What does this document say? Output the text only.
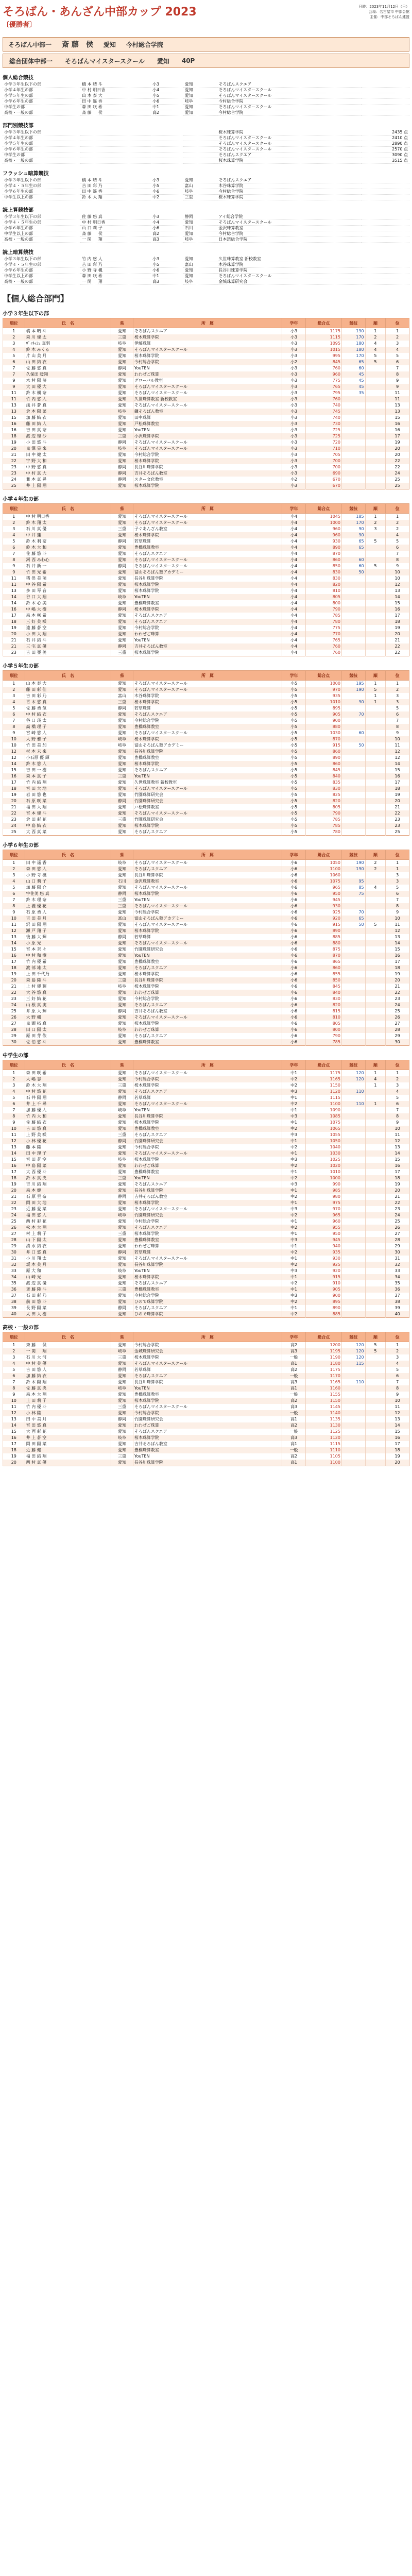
そろばん・あんざん中部カップ 2023
〔優勝者〕
日時：2023年11月12日（日）
会場：名古屋市 中部会館
主催：中部そろばん連盟
そろばん中部一	斎 藤　侯	愛知	今村総合学院
総合団体中部一	そろばんマイスタースクール	愛知	40P
個人総合競技
小学３年生以下の部	橋 本 晴 斗	小3	愛知	そろばんスクエア	
小学４年生の部	中 村 明日香	小4	愛知	そろばんマイスタースクール	
小学５年生の部	山 本 泰 大	小5	愛知	そろばんマイスタースクール	
小学６年生の部	田 中 遥 香	小6	岐阜	今村総合学院	
中学生の部	森 田 咲 希	中1	愛知	そろばんマイスタースクール	
高校・一般の部	斎 藤 　 侯	高2	愛知	今村総合学院	
部門別競技部
小学３年生以下の部				桜木珠算学院	2435 点
小学４年生の部				そろばんマイスタースクール	2410 点
小学５年生の部				そろばんマイスタースクール	2890 点
小学６年生の部				そろばんマイスタースクール	2570 点
中学生の部				そろばんスクエア	3090 点
高校・一般の部				桜木珠算学院	3515 点
フラッシュ暗算競技
小学３年生以下の部	橋 本 晴 斗	小3	愛知	そろばんスクエア	
小学４・５年生の部	吉 田 彩 乃	小5	富山	木谷珠算学院	
小学６年生の部	田 中 遥 香	小6	岐阜	今村総合学院	
中学生以上の部	鈴 木 大 翔	中2	三重	桜木珠算学院	
読上算競技部
小学３年生以下の部	佐 藤 悠 真	小3	静岡	アイ総合学院	
小学４・５年生の部	中 村 明日香	小4	愛知	そろばんマイスタースクール	
小学６年生の部	山 口 莉 子	小6	石川	金沢珠算教室	
中学生以上の部	斎 藤 　 侯	高2	愛知	今村総合学院	
高校・一般の部	一 関 　 翔	高3	岐阜	日本語総合学院	
読上暗算競技
小学３年生以下の部	竹 内 悠 人	小3	愛知	久世珠算教室 新校教室	
小学４・５年生の部	吉 田 彩 乃	小5	富山	木谷珠算学院	
小学６年生の部	小 野 寺 楓	小6	愛知	長谷川珠算学院	
中学生以上の部	森 田 咲 希	中1	愛知	そろばんマイスタースクール	
高校・一般の部	一 関 　 翔	高3	岐阜	金城珠算研究会	
【個人総合部門】
小学３年生以下の部
順位	氏　名	県	所　属	学年	総合点	競技	順	位
1	橋 本 晴 斗	愛知	そろばんスクエア	小3	1175	190	1	1
2	森 川 優 太	三重	桜木珠算学院	小3	1115	170	2	2
3	ｳﾞｨﾈｯｼｭ 真羽	岐阜	伊藤珠算	小3	1095	180	4	3
4	鈴 木 みくる	愛知	そろばんマイスタースクール	小3	1015	180	4	4
5	片 山 美 月	愛知	桜木珠算学院	小3	995	170	5	5
6	山 田 結 衣	愛知	今村総合学院	小2	845	65	5	6
7	佐 藤 悠 真	静岡	YouTEN	小3	760	60		7
7	久保田 暖翔	愛知	わわぜご珠算	小3	960	45		8
9	木 村 陽 葵	愛知	グローバル教室	小3	775	45		9
9	大 田 優 大	愛知	そろばんマイスタースクール	小3	765	45		9
11	鈴 木 楓 奈	愛知	そろばんマイスタースクール	小3	795	35		11
11	竹 内 悠 人	愛知	久世珠算教室 新校教室	小3	760			11
13	浅 井 蒼 真	愛知	そろばんマイスタースクール	小3	740			13
13	倉 本 陽 菜	岐阜	鎌そろばん教室	小3	745			13
15	加 藤 結 衣	愛知	田中珠算	小3	740			15
16	藤 田 結 人	愛知	戸松珠算教室	小3	730			16
16	吉 田 真 奈	愛知	YouTEN	小3	725			16
18	渡 辺 理 沙	三重	小沢珠算学院	小3	725			17
19	小 田 悠 斗	静岡	そろばんマイスタースクール	小3	720			19
20	鬼 澤 星 來	岐阜	そろばんマイスタースクール	小3	710			20
21	田 中 健 太	愛知	今村総合学院	小3	705			20
22	宇 野 大 和	愛知	桜木珠算学院	小3	700			22
23	中 野 悠 真	静岡	長谷川珠算学院	小3	700			22
23	中 村 真 大	静岡	吉井そろばん教室	小3	690			24
24	兼 本 真 尋	静岡	スター文化教室	小2	670			25
25	井 上 陽 翔	愛知	桜木珠算学院	小3	670			25
小学４年生の部
順位	氏　名	県	所　属	学年	総合点	競技	順	位
1	中 村 明日香	愛知	そろばんマイスタースクール	小4	1045	185	1	1
2	鈴 木 翔 太	愛知	そろばんマイスタースクール	小4	1000	170	2	2
3	石 川 真 優	三重	子ぐあんざん教室	小4	960	90	3	2
4	中 井 蓮	愛知	桜木珠算学院	小4	960	90		4
5	鈴 木 利 奈	静岡	若草珠算	小4	930	65	5	5
6	鈴 木 大 和	愛知	豊橋珠算教室	小4	890	65		6
7	佐 藤 悠 斗	愛知	そろばんスクエア	小4	870			7
8	河 西 みわ心	愛知	そろばんマイスタースクール	小4	860	60		8
9	石 井 新 一	静岡	そろばんマイスタースクール	小4	850	60	5	9
9	竹 田 光 希	愛知	富山そろばん塾アカデミー	小4	830	50		10
11	猪 俣 美 萌	愛知	長谷川珠算学院	小4	830			10
11	中 谷 陽 希	愛知	桜木珠算学院	小4	820			12
13	多 田 琴 音	愛知	桜木珠算学院	小4	810			13
14	谷 口 大 翔	岐阜	YouTEN	小4	805			14
14	鈴 木 心 美	愛知	豊橋珠算教室	小4	800			15
16	中 嶋 大 樹	静岡	桜木珠算学院	小4	790			16
17	森 本 咲 希	愛知	そろばんスクエア	小4	785			17
18	三 好 美 咲	愛知	そろばんスクエア	小4	780			18
19	遠 藤 蒼 空	愛知	今村総合学院	小4	775			19
20	小 田 大 翔	愛知	わわぜご珠算	小4	770			20
21	石 井 結 斗	愛知	YouTEN	小4	765			21
21	三 宅 真 優	静岡	吉井そろばん教室	小4	760			22
23	吉 田 亜 美	三重	桜木珠算学院	小4	760			22
小学５年生の部
順位	氏　名	県	所　属	学年	総合点	競技	順	位
1	山 本 泰 大	愛知	そろばんマイスタースクール	小5	1000	195	1	1
2	藤 田 彩 佳	愛知	そろばんマイスタースクール	小5	970	190	5	2
3	吉 田 彩 乃	富山	木谷珠算学院	小5	935		1	3
4	青 木 悠 真	三重	桜木珠算学院	小5	1010	90	1	3
5	佐 藤 勇 気	静岡	若草珠算	小5	895			5
6	中 村 結 衣	愛知	そろばんスクエア	小5	905	70		6
7	谷 口 瑛 太	愛知	今村総合学院	小5	900			7
8	高 橋 理 子	愛知	豊橋珠算教室	小5	880			8
9	宮 崎 悠 人	愛知	そろばんマイスタースクール	小5	1030	60		9
10	大 野 雅 子	岐阜	桜木珠算学院	小5	870			10
10	竹 田 美 加	岐阜	富山そろばん塾アカデミー	小5	915	50		11
12	杉 本 未 来	愛知	長谷川珠算学院	小5	860			12
12	小石原 優 輝	愛知	豊橋珠算教室	小5	890			12
14	鈴 木 悠 人	愛知	桜木珠算学院	小5	860			14
15	吉 田 一 樹	愛知	そろばんスクエア	小5	845			15
16	森 本 真 子	三重	YouTEN	小5	840			16
17	竹 内 結 翔	愛知	久世珠算教室 新校教室	小5	835			17
18	宮 田 大 地	愛知	そろばんマイスタースクール	小5	830			18
19	岩 田 悠 也	愛知	竹園珠算研究会	小5	825			19
20	石 原 咲 菜	静岡	竹園珠算研究会	小5	820			20
21	福 田 大 翔	愛知	戸松珠算教室	小5	805			21
22	宮 本 優 斗	愛知	そろばんマイスタースクール	小5	790			22
23	倉 田 彩 花	三重	竹園珠算研究会	小5	785			23
24	中 島 結 衣	愛知	桜木珠算学院	小5	785			23
25	大 西 真 菜	愛知	そろばんスクエア	小5	780			25
小学６年生の部
順位	氏　名	県	所　属	学年	総合点	競技	順	位
1	田 中 遥 香	岐阜	そろばんマイスタースクール	小6	1050	190	2	1
2	森 田 悠 人	愛知	そろばんスクエア	小6	1100	190	2	1
3	小 野 寺 楓	愛知	長谷川珠算学院	小6	1060			3
4	山 口 莉 子	石川	金沢珠算教室	小6	1075	95		3
5	加 藤 陽 介	愛知	そろばんマイスタースクール	小6	965	85	4	5
6	宇佐美 悠 真	静岡	桜木珠算学院	小6	950	75		6
7	鈴 木 理 奈	三重	YouTEN	小6	945			7
8	上 瀧 優 花	三重	そろばんマイスタースクール	小6	930			8
9	石 原 勇 人	愛知	今村総合学院	小6	925	70		9
10	吉 田 美 月	富山	富山そろばん塾アカデミー	小6	920	65		10
11	沢 田 陽 翔	愛知	そろばんマイスタースクール	小6	915	50	5	11
12	瀬 戸 翔 子	愛知	桜木珠算学院	小6	890			12
13	後 藤 大 輝	静岡	若草珠算	小6	885			13
14	小 原 光	愛知	そろばんマイスタースクール	小6	880			14
15	宮 本 奈 々	愛知	竹園珠算研究会	小6	875			15
16	中 村 和 樹	愛知	YouTEN	小6	870			16
17	竹 内 優 希	愛知	豊橋珠算教室	小6	865			17
18	渡 部 雄 太	愛知	そろばんスクエア	小6	860			18
19	上 田 千代乃	愛知	桜木珠算学院	小6	855			19
20	森 島 陸 斗	三重	長谷川珠算学院	小6	850			20
21	上 村 優 輝	岐阜	桜木珠算学院	小6	845			21
22	大 谷 悠 真	愛知	わわぜご珠算	小6	840			22
23	三 好 結 花	愛知	今村総合学院	小6	830			23
24	山 根 真 実	愛知	そろばんスクエア	小6	820			24
25	井 原 大 輝	静岡	吉井そろばん教室	小6	815			25
26	大 野 楓	愛知	そろばんマイスタースクール	小6	810			26
27	鬼 頭 拓 真	愛知	桜木珠算学院	小6	805			27
28	田 口 陽 太	岐阜	わわぜご珠算	小6	800			28
29	原 田 芽 依	愛知	そろばんスクエア	小6	790			29
30	佐 伯 悠 斗	愛知	豊橋珠算教室	小6	785			30
中学生の部
順位	氏　名	県	所　属	学年	総合点	競技	順	位
1	森 田 咲 希	愛知	そろばんマイスタースクール	中1	1175	120	1	1
2	大 嶋 志	愛知	今村総合学院	中2	1165	120	4	2
3	鈴 木 大 翔	三重	桜木珠算学院	中2	1150		1	3
4	中 村 悠 花	愛知	そろばんスクエア	中3	1120	110		4
5	石 井 陽 翔	静岡	若草珠算	中1	1115			5
6	井 上 千 尋	愛知	そろばんマイスタースクール	中2	1100	110	1	6
7	加 藤 優 人	岐阜	YouTEN	中1	1090			7
8	竹 内 大 和	愛知	長谷川珠算学院	中3	1085			8
9	佐 藤 結 衣	愛知	桜木珠算学院	中1	1075			9
10	吉 田 悠 真	愛知	豊橋珠算教室	中2	1065			10
11	上 野 美 咲	三重	そろばんスクエア	中3	1055			11
12	小 林 優 花	静岡	竹園珠算研究会	中1	1050			12
13	藤 本 陸	愛知	今村総合学院	中2	1040			13
14	田 中 理 子	愛知	そろばんマイスタースクール	中1	1030			14
15	宮 田 蒼 空	岐阜	桜木珠算学院	中3	1025			15
16	中 島 陽 菜	愛知	わわぜご珠算	中2	1020			16
17	大 西 優 斗	愛知	豊橋珠算教室	中1	1010			17
18	鈴 木 真 央	三重	YouTEN	中2	1000			18
19	吉 川 結 翔	愛知	そろばんスクエア	中3	990			19
20	森 本 健	愛知	長谷川珠算学院	中1	985			20
21	石 原 里 奈	静岡	吉井そろばん教室	中2	980			21
22	岡 田 大 地	愛知	桜木珠算学院	中1	975			22
23	近 藤 愛 菜	愛知	そろばんマイスタースクール	中3	970			23
24	福 田 悠 人	岐阜	竹園珠算研究会	中2	965			24
25	西 村 彩 花	愛知	今村総合学院	中1	960			25
26	松 本 大 翔	愛知	そろばんスクエア	中2	955			26
27	村 上 莉 子	三重	桜木珠算学院	中1	950			27
28	山 下 陽 太	愛知	豊橋珠算教室	中3	945			28
29	清 水 結 衣	愛知	わわぜご珠算	中1	940			29
30	井 口 悠 真	静岡	若草珠算	中2	935			30
31	小 川 翔 太	愛知	そろばんマイスタースクール	中1	930			31
32	坂 本 美 月	愛知	長谷川珠算学院	中2	925			32
33	原 大 和	岐阜	YouTEN	中3	920			33
34	山 崎 光	愛知	桜木珠算学院	中1	915			34
35	渡 辺 真 優	愛知	そろばんスクエア	中2	910			35
36	斎 藤 陸 斗	三重	豊橋珠算教室	中1	905			36
37	石 田 彩 乃	愛知	今村総合学院	中3	900			37
38	前 田 悠 斗	愛知	ひので珠算学院	中2	895			38
39	長 野 陽 菜	静岡	そろばんスクエア	中1	890			39
40	太 田 大 樹	愛知	ひので珠算学院	中2	885			40
高校・一般の部
順位	氏　名	県	所　属	学年	総合点	競技	順	位
1	斎 藤 　 侯	愛知	今村総合学院	高2	1200	120	5	1
2	一 関 　 翔	岐阜	金城珠算研究会	高3	1195	120	5	2
3	石 川 大 河	三重	桜木珠算学院	一般	1190	120		3
4	中 村 美 優	愛知	そろばんマイスタースクール	高1	1180	115		4
5	吉 田 悠 人	静岡	若草珠算	高2	1175			5
6	加 藤 結 衣	愛知	そろばんスクエア	一般	1170			6
7	鈴 木 陽 翔	愛知	長谷川珠算学院	高3	1165	110		7
8	佐 藤 真 央	岐阜	YouTEN	高1	1160			8
9	森 本 大 翔	愛知	豊橋珠算教室	一般	1155			9
10	上 田 莉 子	愛知	桜木珠算学院	高2	1150			10
11	竹 内 優 斗	三重	そろばんマイスタースクール	高3	1145			11
12	小 林 陸	愛知	今村総合学院	一般	1140			12
13	田 中 美 月	静岡	竹園珠算研究会	高1	1135			13
14	宮 田 悠 真	愛知	わわぜご珠算	高2	1130			14
15	大 西 彩 花	愛知	そろばんスクエア	一般	1125			15
16	井 上 蒼 空	岐阜	桜木珠算学院	高3	1120			16
17	岡 田 陽 菜	愛知	吉井そろばん教室	高1	1115			17
18	近 藤 健	愛知	豊橋珠算教室	一般	1110			18
19	福 田 結 翔	三重	YouTEN	高2	1105			19
20	西 村 真 優	愛知	長谷川珠算学院	高1	1100			20
